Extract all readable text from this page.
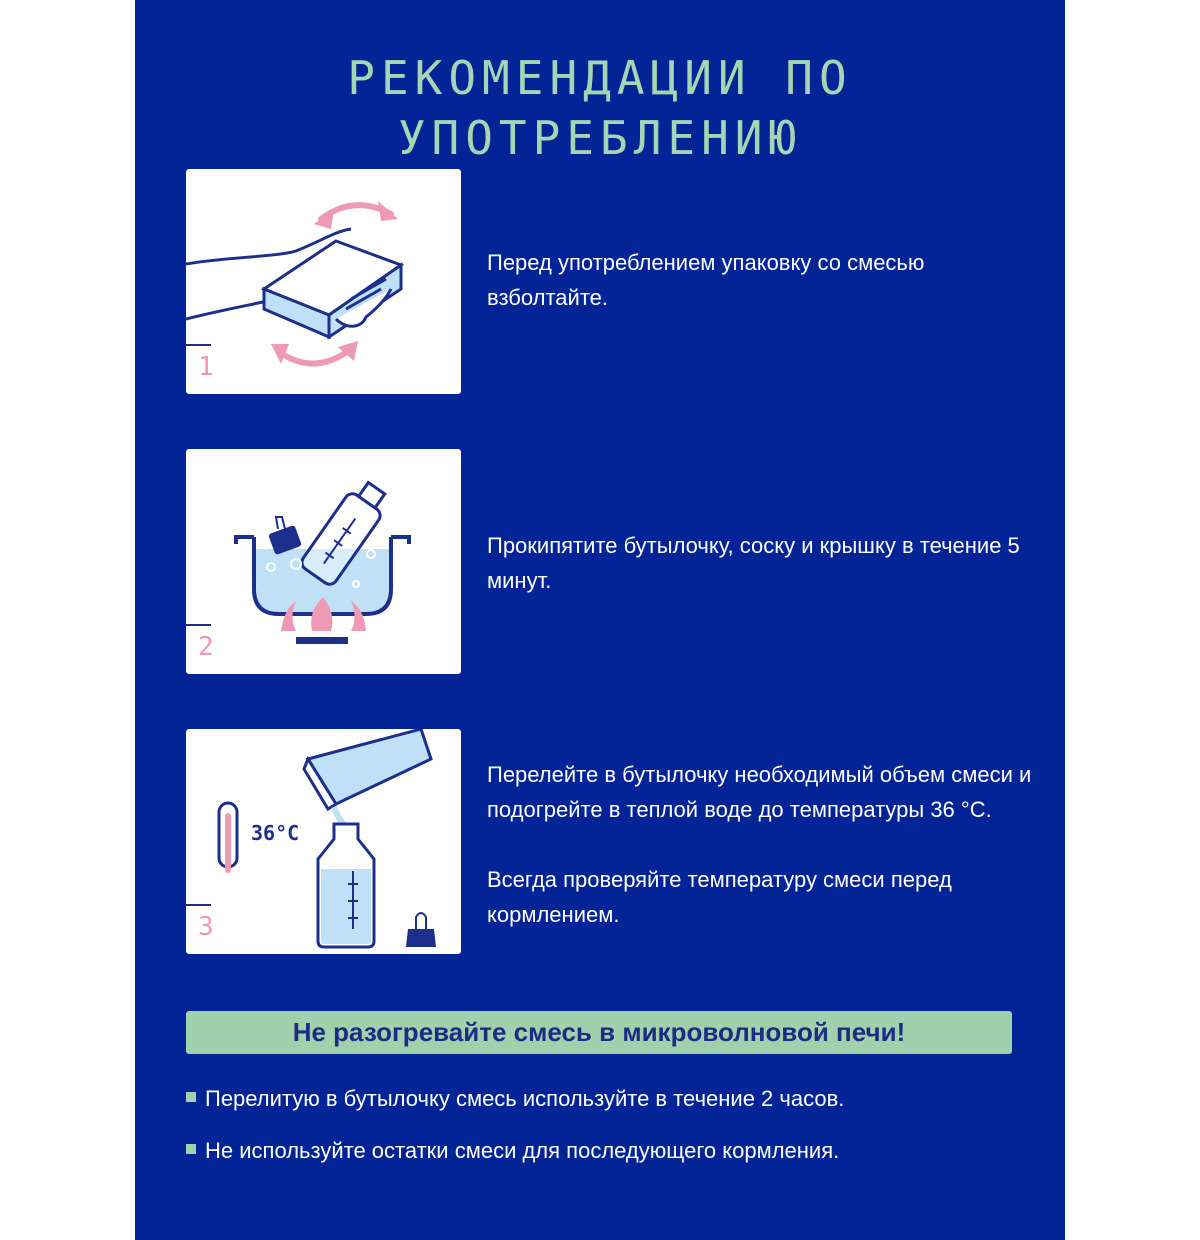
РЕКОМЕНДАЦИИ ПО УПОТРЕБЛЕНИЮ
1

Перед употреблением упаковку со смесью взболтайте.

2

Прокипятите бутылочку, соску и крышку в течение 5 минут.

36°C
3

Перелейте в бутылочку необходимый объем смеси и подогрейте в теплой воде до температуры 36 °С.

Всегда проверяйте температуру смеси перед кормлением.

Не разогревайте смесь в микроволновой печи!
Перелитую в бутылочку смесь используйте в течение 2 часов.
Не используйте остатки смеси для последующего кормления.
